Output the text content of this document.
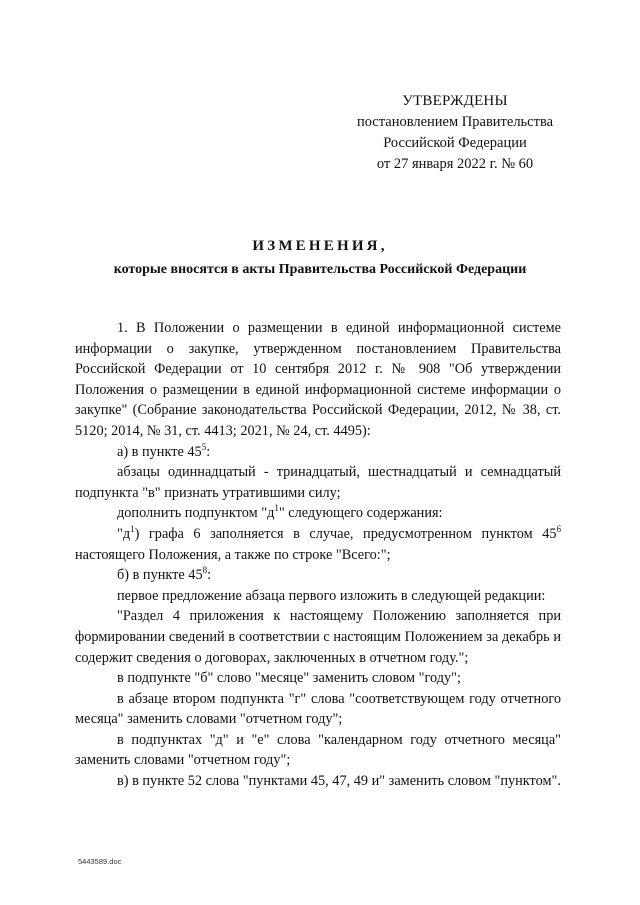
УТВЕРЖДЕНЫ
постановлением Правительства
Российской Федерации
от 27 января 2022 г. № 60
ИЗМЕНЕНИЯ,
которые вносятся в акты Правительства Российской Федерации

1. В Положении о размещении в единой информационной системе информации о закупке, утвержденном постановлением Правительства Российской Федерации от 10 сентября 2012 г. № 908 "Об утверждении Положения о размещении в единой информационной системе информации о закупке" (Собрание законодательства Российской Федерации, 2012, № 38, ст. 5120; 2014, № 31, ст. 4413; 2021, № 24, ст. 4495):

а) в пункте $45^5$:

абзацы одиннадцатый - тринадцатый, шестнадцатый и семнадцатый подпункта "в" признать утратившими силу;

дополнить подпунктом "$д^1$" следующего содержания:

"$д^1$) графа 6 заполняется в случае, предусмотренном пунктом $45^6$ настоящего Положения, а также по строке "Всего:";

б) в пункте $45^8$:

первое предложение абзаца первого изложить в следующей редакции:

"Раздел 4 приложения к настоящему Положению заполняется при формировании сведений в соответствии с настоящим Положением за декабрь и содержит сведения о договорах, заключенных в отчетном году.";

в подпункте "б" слово "месяце" заменить словом "году";

в абзаце втором подпункта "г" слова "соответствующем году отчетного месяца" заменить словами "отчетном году";

в подпунктах "д" и "е" слова "календарном году отчетного месяца" заменить словами "отчетном году";

в) в пункте 52 слова "пунктами 45, 47, 49 и" заменить словом "пунктом".

5443589.doc
